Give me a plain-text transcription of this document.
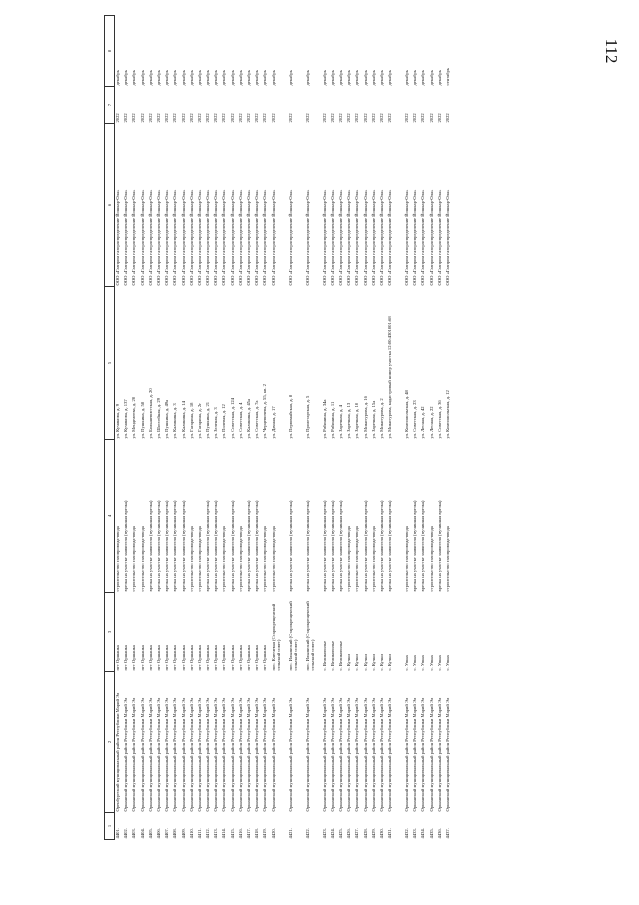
112
1	2	3	4	5	6	7	8
4401.	Оренбургский муниципальный район Республики Марий Эл	пгт Оршанка	строительство газопровода-ввода	ул. Кучинова, д. 9	ООО «Газпром газораспределение Йошкар-Ола»	2022	декабрь
4402.	Оршанский муниципальный район Республики Марий Эл	пгт Оршанка	врезка на участке заявителя (пучинная врезка)	ул. Кучинова, д. 137	ООО «Газпром газораспределение Йошкар-Ола»	2022	декабрь
4403.	Оршанский муниципальный район Республики Марий Эл	пгт Оршанка	строительство газопровода-ввода	ул. Менделеева, д. 20	ООО «Газпром газораспределение Йошкар-Ола»	2022	декабрь
4404.	Оршанский муниципальный район Республики Марий Эл	пгт Оршанка	строительство газопровода-ввода	ул. Пушкина, д. 58	ООО «Газпром газораспределение Йошкар-Ола»	2022	декабрь
4405.	Оршанский муниципальный район Республики Марий Эл	пгт Оршанка	врезка на участке заявителя (пучинная врезка)	ул. Большевистская, д. 20	ООО «Газпром газораспределение Йошкар-Ола»	2022	декабрь
4406.	Оршанский муниципальный район Республики Марий Эл	пгт Оршанка	врезка на участке заявителя (пучинная врезка)	ул. Шоссейная, д. 29	ООО «Газпром газораспределение Йошкар-Ола»	2022	декабрь
4407.	Оршанский муниципальный район Республики Марий Эл	пгт Оршанка	врезка на участке заявителя (пучинная врезка)	ул. Пушкина, д. 49а	ООО «Газпром газораспределение Йошкар-Ола»	2022	декабрь
4408.	Оршанский муниципальный район Республики Марий Эл	пгт Оршанка	врезка на участке заявителя (пучинная врезка)	ул. Калинина, д. 3	ООО «Газпром газораспределение Йошкар-Ола»	2022	декабрь
4409.	Оршанский муниципальный район Республики Марий Эл	пгт Оршанка	врезка на участке заявителя (пучинная врезка)	ул. Калинина, д. 14	ООО «Газпром газораспределение Йошкар-Ола»	2022	декабрь
4410.	Оршанский муниципальный район Республики Марий Эл	пгт Оршанка	строительство газопровода-ввода	ул. Гагарина, д. 18	ООО «Газпром газораспределение Йошкар-Ола»	2022	декабрь
4411.	Оршанский муниципальный район Республики Марий Эл	пгт Оршанка	строительство газопровода-ввода	ул. Гагарина, д. 2г	ООО «Газпром газораспределение Йошкар-Ола»	2022	декабрь
4412.	Оршанский муниципальный район Республики Марий Эл	пгт Оршанка	врезка на участке заявителя (пучинная врезка)	ул. Пушкина, д. 21	ООО «Газпром газораспределение Йошкар-Ола»	2022	декабрь
4413.	Оршанский муниципальный район Республики Марий Эл	пгт Оршанка	врезка на участке заявителя (пучинная врезка)	ул. Зеленая, д. 3	ООО «Газпром газораспределение Йошкар-Ола»	2022	декабрь
4414.	Оршанский муниципальный район Республики Марий Эл	пгт Оршанка	строительство газопровода-ввода	ул. Полевая, д. 12	ООО «Газпром газораспределение Йошкар-Ола»	2022	декабрь
4415.	Оршанский муниципальный район Республики Марий Эл	пгт Оршанка	врезка на участке заявителя (пучинная врезка)	ул. Советская, д. 124	ООО «Газпром газораспределение Йошкар-Ола»	2022	декабрь
4416.	Оршанский муниципальный район Республики Марий Эл	пгт Оршанка	строительство газопровода-ввода	ул. Советская, д. 4	ООО «Газпром газораспределение Йошкар-Ола»	2022	декабрь
4417.	Оршанский муниципальный район Республики Марий Эл	пгт Оршанка	врезка на участке заявителя (пучинная врезка)	ул. Калинина, д. 45а	ООО «Газпром газораспределение Йошкар-Ола»	2022	декабрь
4418.	Оршанский муниципальный район Республики Марий Эл	пгт Оршанка	врезка на участке заявителя (пучинная врезка)	ул. Советская, д. 7а	ООО «Газпром газораспределение Йошкар-Ола»	2022	декабрь
4419.	Оршанский муниципальный район Республики Марий Эл	пгт Оршанка	строительство газопровода-ввода	ул. Черцевичева, д. 55, кв. 2	ООО «Газпром газораспределение Йошкар-Ола»	2022	декабрь
4420.	Оршанский муниципальный район Республики Марий Эл	пос. Ключевая (Старокрещенский сельский совет)	строительство газопровода-ввода	ул. Дачная, д. 17	ООО «Газпром газораспределение Йошкар-Ола»	2022	декабрь
4421.	Оршанский муниципальный район Республики Марий Эл	пос. Ильинский (Старокрещенский сельский совет)	врезка на участке заявителя (пучинная врезка)	ул. Первомайская, д. 8	ООО «Газпром газораспределение Йошкар-Ола»	2022	декабрь
4422.	Оршанский муниципальный район Республики Марий Эл	пос. Ильинский (Старокрещенский сельский совет)	врезка на участке заявителя (пучинная врезка)	ул. Пролетарская, д. 5	ООО «Газпром газораспределение Йошкар-Ола»	2022	декабрь
4423.	Оршанский муниципальный район Республики Марий Эл	с. Великополье	врезка на участке заявителя (пучинная врезка)	ул. Рябинина, д. 34а	ООО «Газпром газораспределение Йошкар-Ола»	2022	декабрь
4424.	Оршанский муниципальный район Республики Марий Эл	с. Великополье	врезка на участке заявителя (пучинная врезка)	ул. Рябинина, д. 11	ООО «Газпром газораспределение Йошкар-Ола»	2022	декабрь
4425.	Оршанский муниципальный район Республики Марий Эл	с. Великополье	врезка на участке заявителя (пучинная врезка)	ул. Заречная, д. 4	ООО «Газпром газораспределение Йошкар-Ола»	2022	декабрь
4426.	Оршанский муниципальный район Республики Марий Эл	с. Кучки	строительство газопровода-ввода	ул. Заречная, д. 13	ООО «Газпром газораспределение Йошкар-Ола»	2022	декабрь
4427.	Оршанский муниципальный район Республики Марий Эл	с. Кучки	строительство газопровода-ввода	ул. Заречная, д. 10	ООО «Газпром газораспределение Йошкар-Ола»	2022	декабрь
4428.	Оршанский муниципальный район Республики Марий Эл	с. Кучки	врезка на участке заявителя (пучинная врезка)	ул. Микитурова, д. 16	ООО «Газпром газораспределение Йошкар-Ола»	2022	декабрь
4429.	Оршанский муниципальный район Республики Марий Эл	с. Кучки	строительство газопровода-ввода	ул. Заречная, д. 15а	ООО «Газпром газораспределение Йошкар-Ола»	2022	декабрь
4430.	Оршанский муниципальный район Республики Марий Эл	с. Кучки	врезка на участке заявителя (пучинная врезка)	ул. Микитурова, д. 2	ООО «Газпром газораспределение Йошкар-Ола»	2022	декабрь
4431.	Оршанский муниципальный район Республики Марий Эл	с. Кучки	врезка на участке заявителя (пучинная врезка)	ул. Микитурова, кадастровый номер участка 12:00:4301001:68	ООО «Газпром газораспределение Йошкар-Ола»	2022	декабрь
4432.	Оршанский муниципальный район Республики Марий Эл	с. Упша	строительство газопровода-ввода	ул. Комсомольская, д. 48	ООО «Газпром газораспределение Йошкар-Ола»	2022	декабрь
4433.	Оршанский муниципальный район Республики Марий Эл	с. Упша	врезка на участке заявителя (пучинная врезка)	ул. Советская, д. 23	ООО «Газпром газораспределение Йошкар-Ола»	2022	декабрь
4434.	Оршанский муниципальный район Республики Марий Эл	с. Упша	врезка на участке заявителя (пучинная врезка)	ул. Лесная, д. 42	ООО «Газпром газораспределение Йошкар-Ола»	2022	декабрь
4435.	Оршанский муниципальный район Республики Марий Эл	с. Упша	строительство газопровода-ввода	ул. Лесная, д. 22	ООО «Газпром газораспределение Йошкар-Ола»	2022	декабрь
4436.	Оршанский муниципальный район Республики Марий Эл	с. Упша	врезка на участке заявителя (пучинная врезка)	ул. Советская, д. 36	ООО «Газпром газораспределение Йошкар-Ола»	2022	декабрь
4437.	Оршанский муниципальный район Республики Марий Эл	с. Упша	строительство газопровода-ввода	ул. Комсомольская, д. 12	ООО «Газпром газораспределение Йошкар-Ола»	2022	сентябрь
